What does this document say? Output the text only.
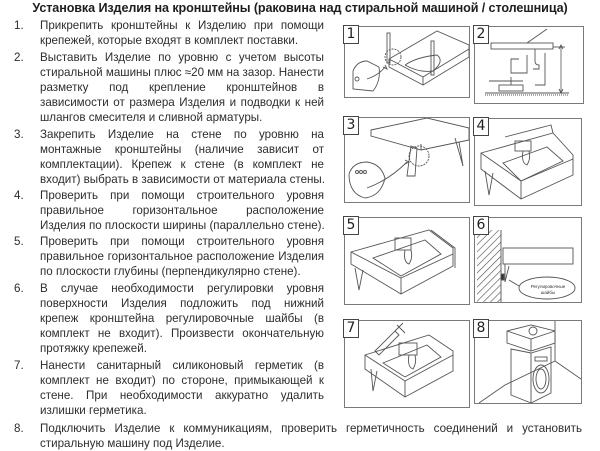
Установка Изделия на кронштейны (раковина над стиральной машиной / столешница)
1. Прикрепить кронштейны к Изделию при помощи
крепежей, которые входят в комплект поставки.
2. Выставить Изделие по уровню с учетом высоты
стиральной машины плюс ≈20 мм на зазор. Нанести
разметку под крепление кронштейнов в
зависимости от размера Изделия и подводки к ней
шлангов смесителя и сливной арматуры.
3. Закрепить Изделие на стене по уровню на
монтажные кронштейны (наличие зависит от
комплектации). Крепеж к стене (в комплект не
входит) выбрать в зависимости от материала стены.
4. Проверить при помощи строительного уровня
правильное горизонтальное расположение
Изделия по плоскости ширины (параллельно стене).
5. Проверить при помощи строительного уровня
правильное горизонтальное расположение Изделия
по плоскости глубины (перпендикулярно стене).
6. В случае необходимости регулировки уровня
поверхности Изделия подложить под нижний
крепеж кронштейна регулировочные шайбы (в
комплект не входит). Произвести окончательную
протяжку крепежей.
7. Нанести санитарный силиконовый герметик (в
комплект не входит) по стороне, примыкающей к
стене. При необходимости аккуратно удалить
излишки герметика.
8. Подключить Изделие к коммуникациям, проверить герметичность соединений и установить
стиральную машину под Изделие.
1	2
3	4
5
Регулировочные шайбы
6
7	8
